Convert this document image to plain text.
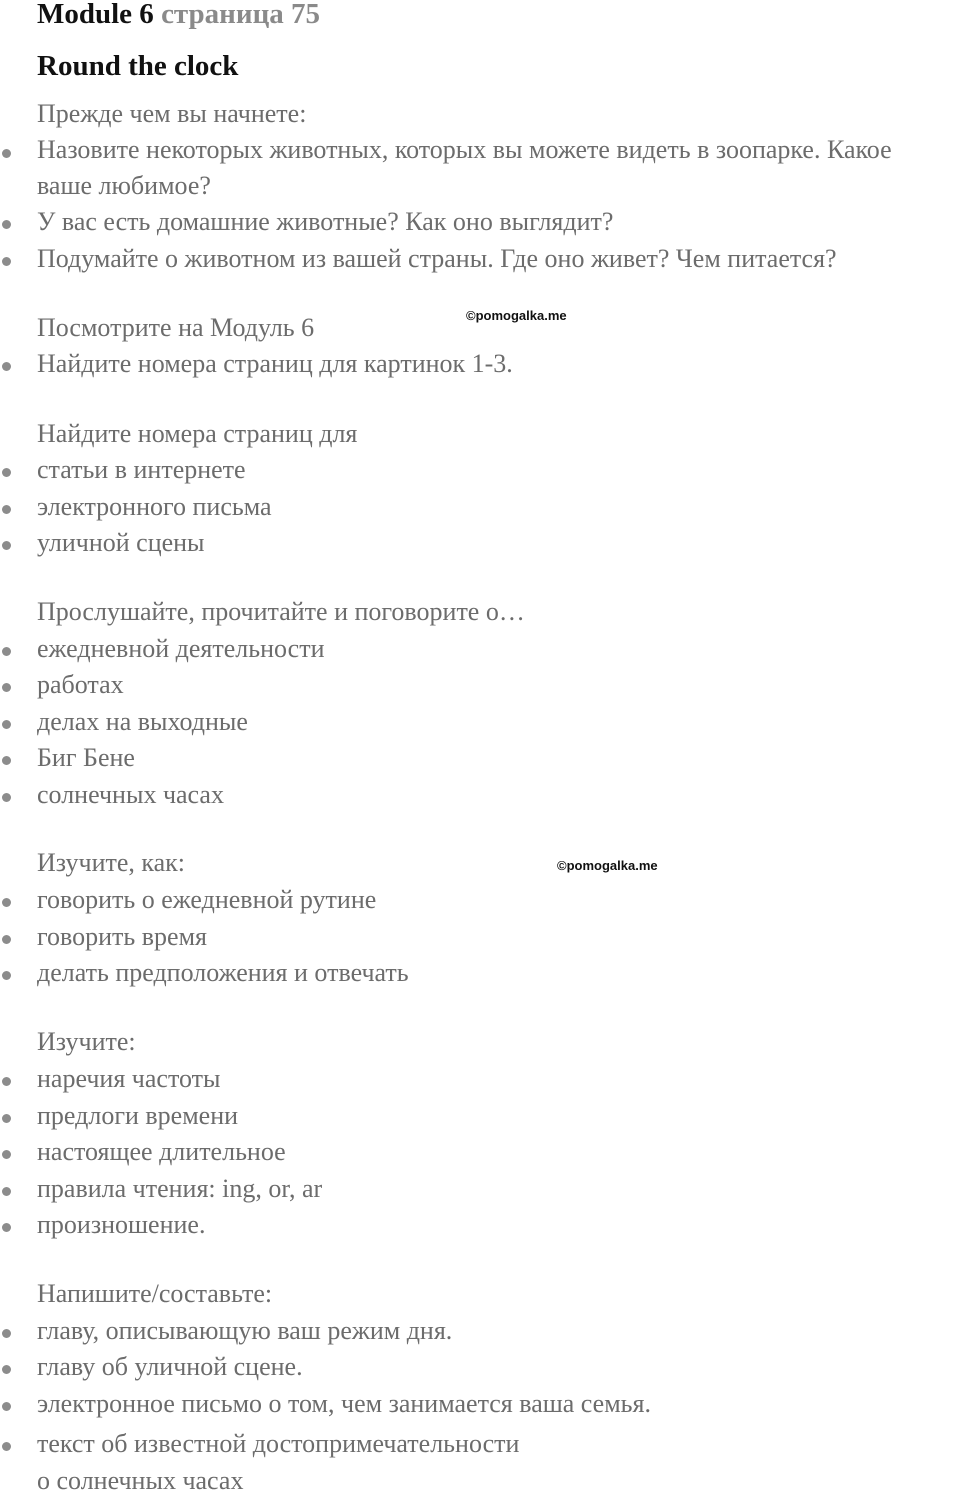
Module 6 страница 75
Round the clock
Прежде чем вы начнете:
Назовите некоторых животных, которых вы можете видеть в зоопарке. Какое
ваше любимое?
У вас есть домашние животные? Как оно выглядит?
Подумайте о животном из вашей страны. Где оно живет? Чем питается?
Посмотрите на Модуль 6	©pomogalka.me
Найдите номера страниц для картинок 1-3.
Найдите номера страниц для
статьи в интернете
электронного письма
уличной сцены
Прослушайте, прочитайте и поговорите о…
ежедневной деятельности
работах
делах на выходные
Биг Бене
солнечных часах
Изучите, как:	©pomogalka.me
говорить о ежедневной рутине
говорить время
делать предположения и отвечать
Изучите:
наречия частоты
предлоги времени
настоящее длительное
правила чтения: ing, or, ar
произношение.
Напишите/составьте:
главу, описывающую ваш режим дня.
главу об уличной сцене.
электронное письмо о том, чем занимается ваша семья.
текст об известной достопримечательности
о солнечных часах
